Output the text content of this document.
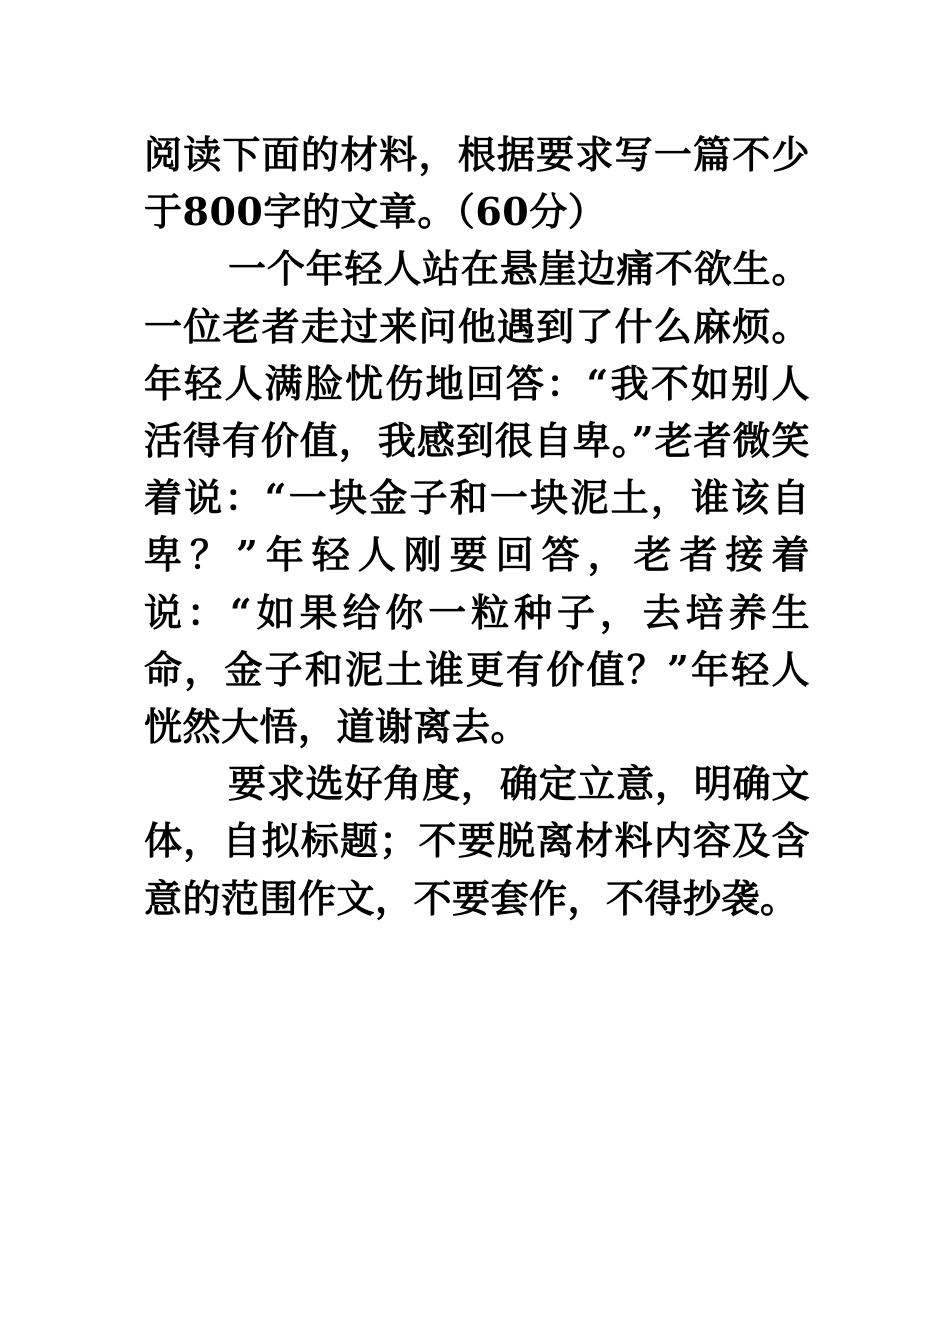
阅读下面的材料，根据要求写一篇不少于800字的文章。（60分）

一个年轻人站在悬崖边痛不欲生。一位老者走过来问他遇到了什么麻烦。年轻人满脸忧伤地回答：“我不如别人活得有价值，我感到很自卑。”老者微笑着说：“一块金子和一块泥土，谁该自卑？”年轻人刚要回答，老者接着说：“如果给你一粒种子，去培养生命，金子和泥土谁更有价值？”年轻人恍然大悟，道谢离去。

要求选好角度，确定立意，明确文体，自拟标题；不要脱离材料内容及含意的范围作文，不要套作，不得抄袭。
